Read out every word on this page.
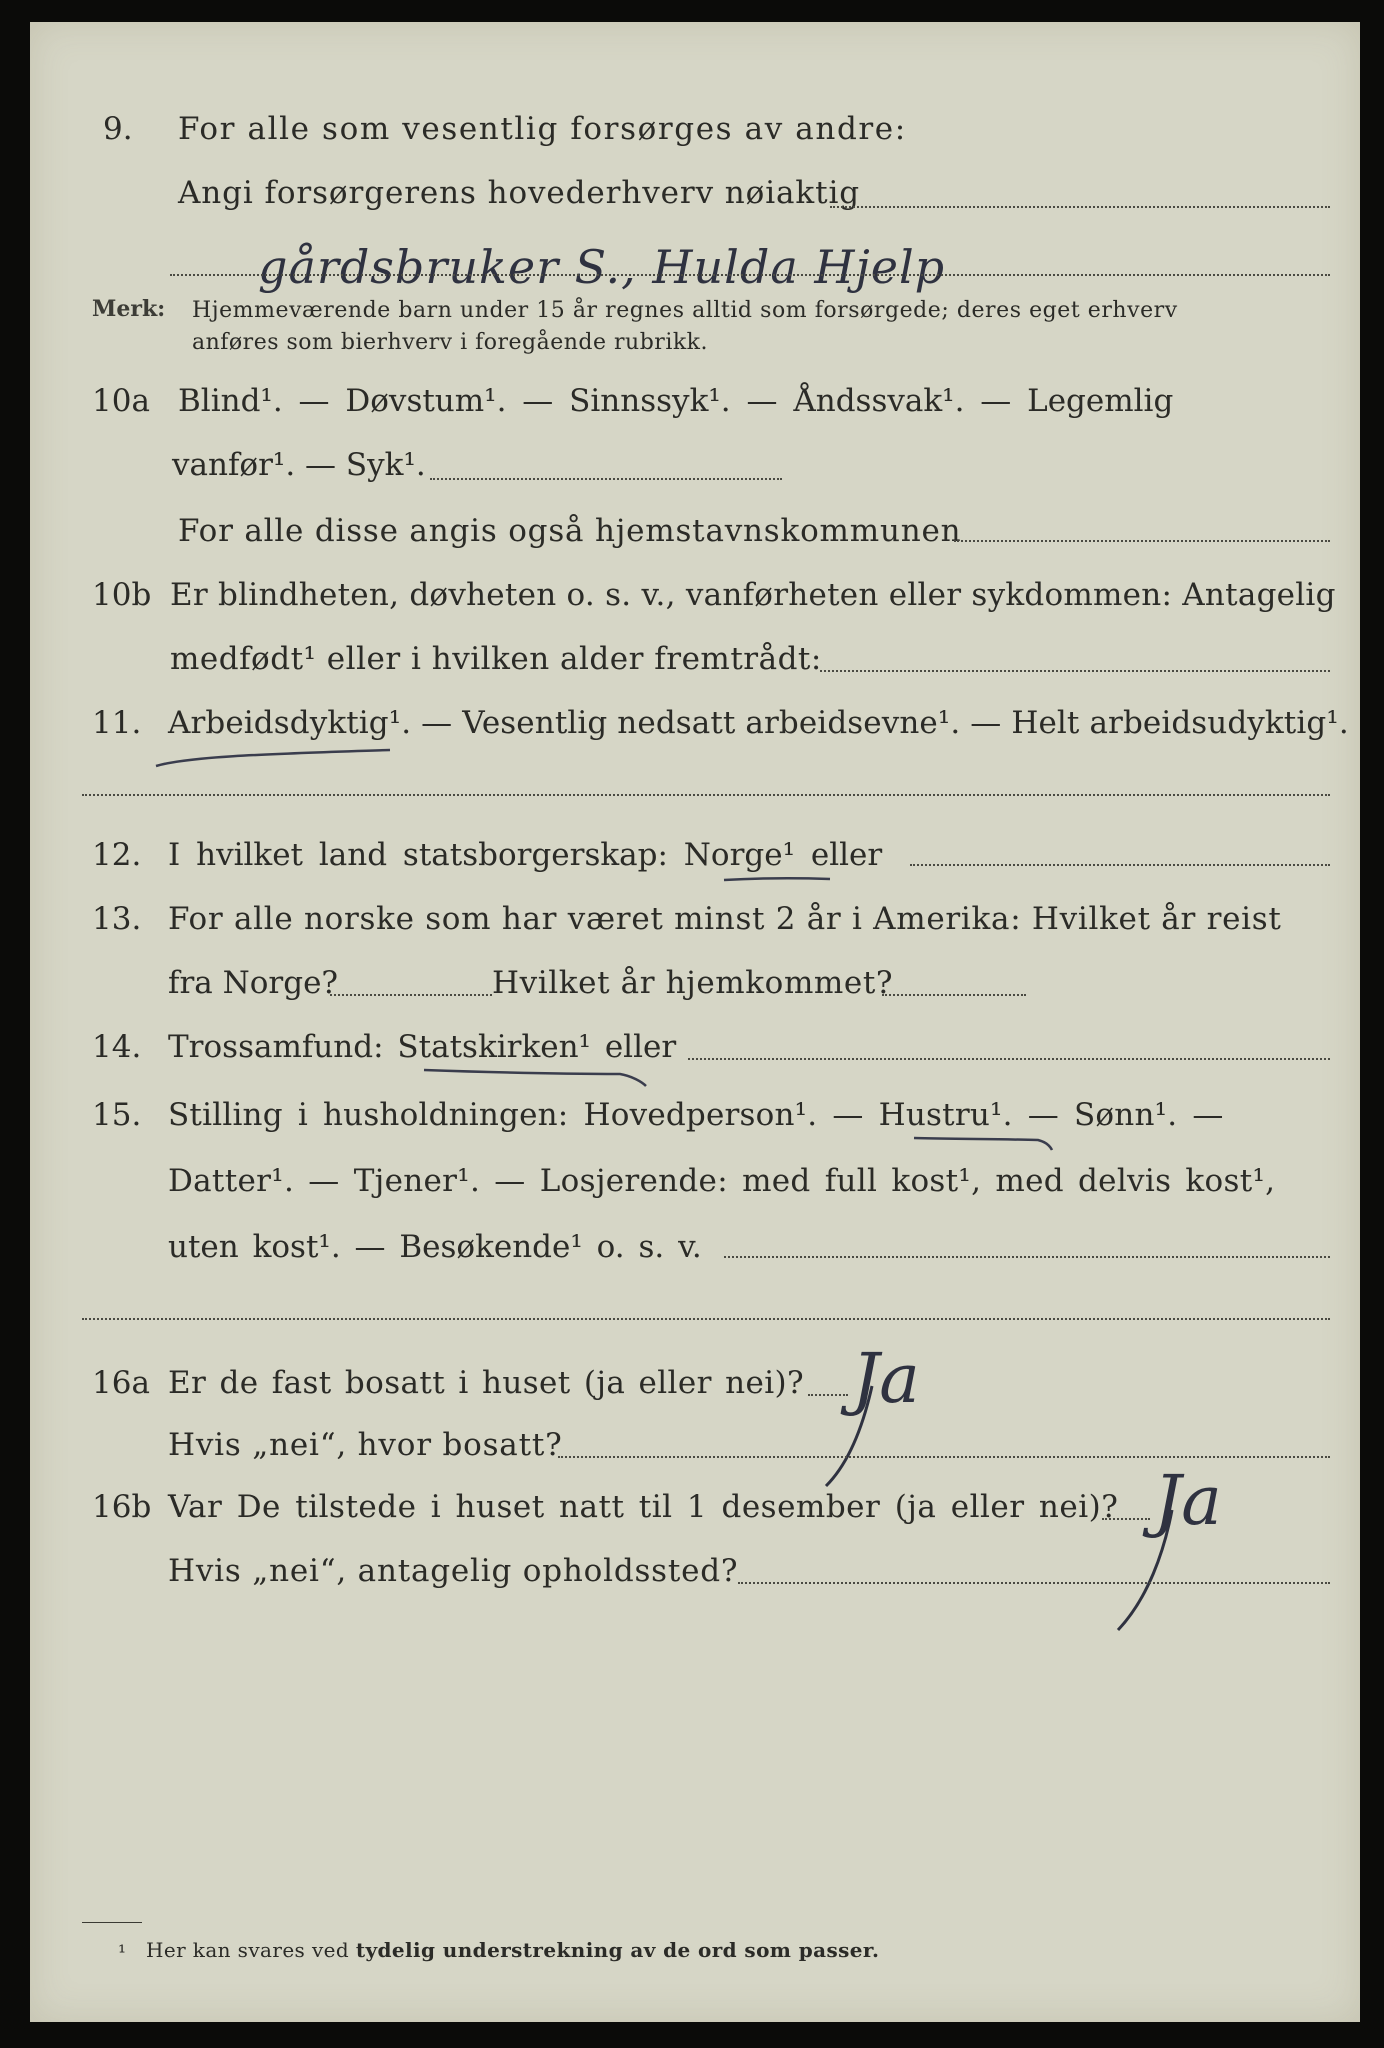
9. For alle som vesentlig forsørges av andre:
Angi forsørgerens hovederhverv nøiaktig
gårdsbruker S., Hulda Hjelp
Merk: Hjemmeværende barn under 15 år regnes alltid som forsørgede; deres eget erhverv
anføres som bierhverv i foregående rubrikk.
10a Blind¹. — Døvstum¹. — Sinnssyk¹. — Åndssvak¹. — Legemlig
vanfør¹. — Syk¹.
For alle disse angis også hjemstavnskommunen
10b Er blindheten, døvheten o. s. v., vanførheten eller sykdommen: Antagelig
medfødt¹ eller i hvilken alder fremtrådt:
11. Arbeidsdyktig¹. — Vesentlig nedsatt arbeidsevne¹. — Helt arbeidsudyktig¹.
12. I hvilket land statsborgerskap: Norge¹ eller
13. For alle norske som har været minst 2 år i Amerika: Hvilket år reist
fra Norge?	Hvilket år hjemkommet?
14. Trossamfund: Statskirken¹ eller
15. Stilling i husholdningen: Hovedperson¹. — Hustru¹. — Sønn¹. —
Datter¹. — Tjener¹. — Losjerende: med full kost¹, med delvis kost¹,
uten kost¹. — Besøkende¹ o. s. v.
16a Er de fast bosatt i huset (ja eller nei)? Ja
Hvis „nei“, hvor bosatt?
16b Var De tilstede i huset natt til 1 desember (ja eller nei)? Ja
Hvis „nei“, antagelig opholdssted?
¹ Her kan svares ved tydelig understrekning av de ord som passer.
